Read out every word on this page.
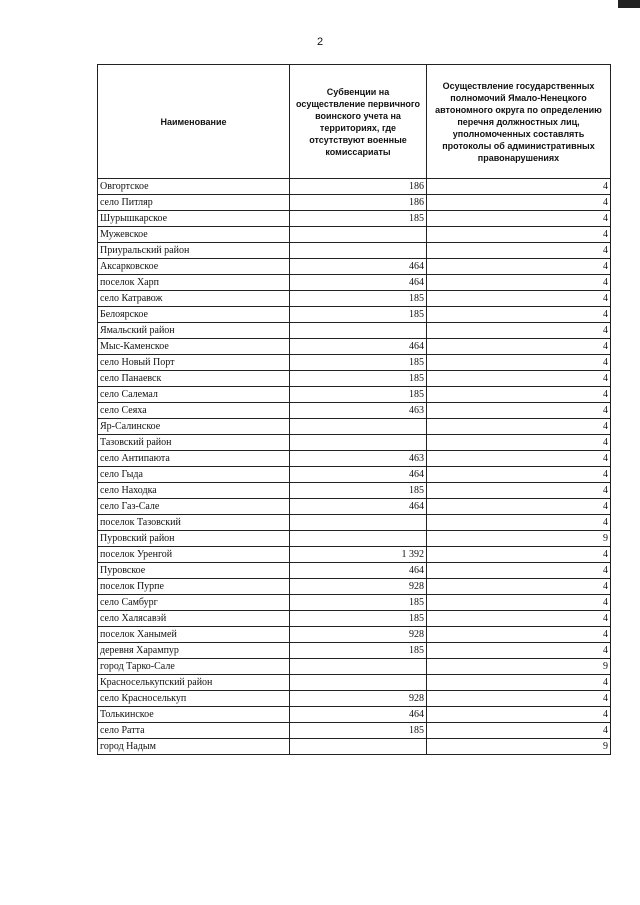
2
Наименование	Субвенции на осуществление первичного воинского учета на территориях, где отсутствуют военные комиссариаты	Осуществление государственных полномочий Ямало-Ненецкого автономного округа по определению перечня должностных лиц, уполномоченных составлять протоколы об административных правонарушениях
Овгортское	186	4
село Питляр	186	4
Шурышкарское	185	4
Мужевское		4
Приуральский район		4
Аксарковское	464	4
поселок Харп	464	4
село Катравож	185	4
Белоярское	185	4
Ямальский район		4
Мыс-Каменское	464	4
село Новый Порт	185	4
село Панаевск	185	4
село Салемал	185	4
село Сеяха	463	4
Яр-Салинское		4
Тазовский район		4
село Антипаюта	463	4
село Гыда	464	4
село Находка	185	4
село Газ-Сале	464	4
поселок Тазовский		4
Пуровский район		9
поселок Уренгой	1 392	4
Пуровское	464	4
поселок Пурпе	928	4
село Самбург	185	4
село Халясавэй	185	4
поселок Ханымей	928	4
деревня Харампур	185	4
город Тарко-Сале		9
Красноселькупский район		4
село Красноселькуп	928	4
Толькинское	464	4
село Ратта	185	4
город Надым		9
